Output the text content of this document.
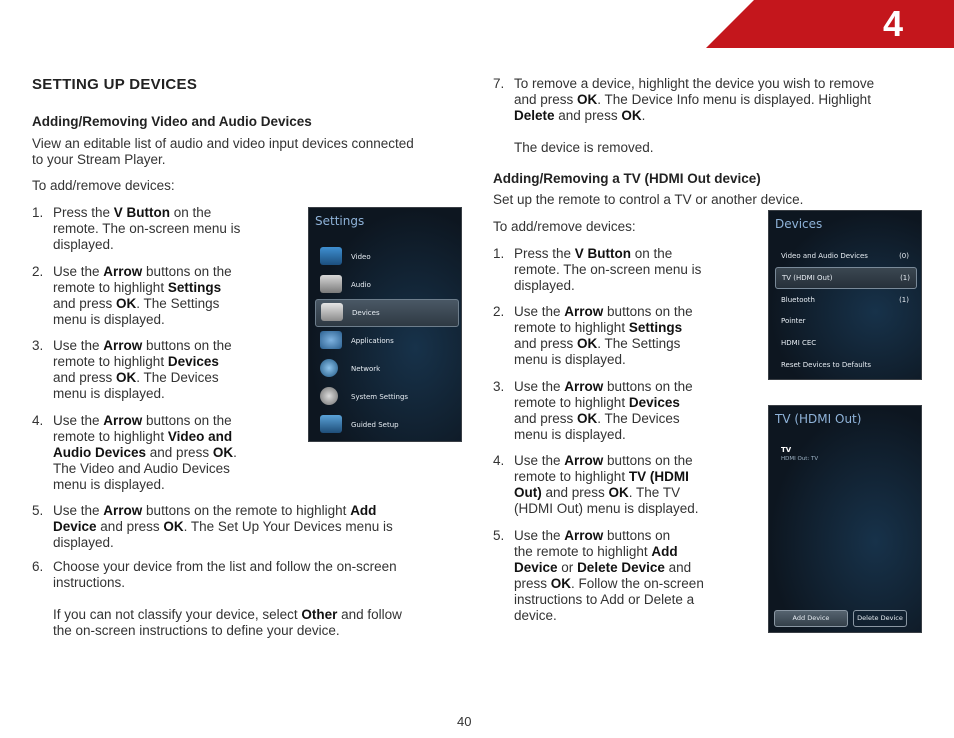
4
SETTING UP DEVICES
Adding/Removing Video and Audio Devices
View an editable list of audio and video input devices connected
to your Stream Player.
To add/remove devices:
1. Press the V Button on the
remote. The on-screen menu is
displayed.
2. Use the Arrow buttons on the
remote to highlight Settings
and press OK. The Settings
menu is displayed.
3. Use the Arrow buttons on the
remote to highlight Devices
and press OK. The Devices
menu is displayed.
4. Use the Arrow buttons on the
remote to highlight Video and
Audio Devices and press OK.
The Video and Audio Devices
menu is displayed.
5. Use the Arrow buttons on the remote to highlight Add
Device and press OK. The Set Up Your Devices menu is
displayed.
6. Choose your device from the list and follow the on-screen
instructions.
If you can not classify your device, select Other and follow
the on-screen instructions to define your device.
Settings
Video
Audio
Devices
Applications
Network
System Settings
Guided Setup
7. To remove a device, highlight the device you wish to remove
and press OK. The Device Info menu is displayed. Highlight
Delete and press OK.
The device is removed.
Adding/Removing a TV (HDMI Out device)
Set up the remote to control a TV or another device.
To add/remove devices:
1. Press the V Button on the
remote. The on-screen menu is
displayed.
2. Use the Arrow buttons on the
remote to highlight Settings
and press OK. The Settings
menu is displayed.
3. Use the Arrow buttons on the
remote to highlight Devices
and press OK. The Devices
menu is displayed.
4. Use the Arrow buttons on the
remote to highlight TV (HDMI
Out) and press OK. The TV
(HDMI Out) menu is displayed.
5. Use the Arrow buttons on
the remote to highlight Add
Device or Delete Device and
press OK. Follow the on-screen
instructions to Add or Delete a
device.
Devices
Video and Audio Devices	(0)
TV (HDMI Out)	(1)
Bluetooth	(1)
Pointer
HDMI CEC
Reset Devices to Defaults
TV (HDMI Out)
TV
HDMI Out: TV
Add Device	Delete Device
40
